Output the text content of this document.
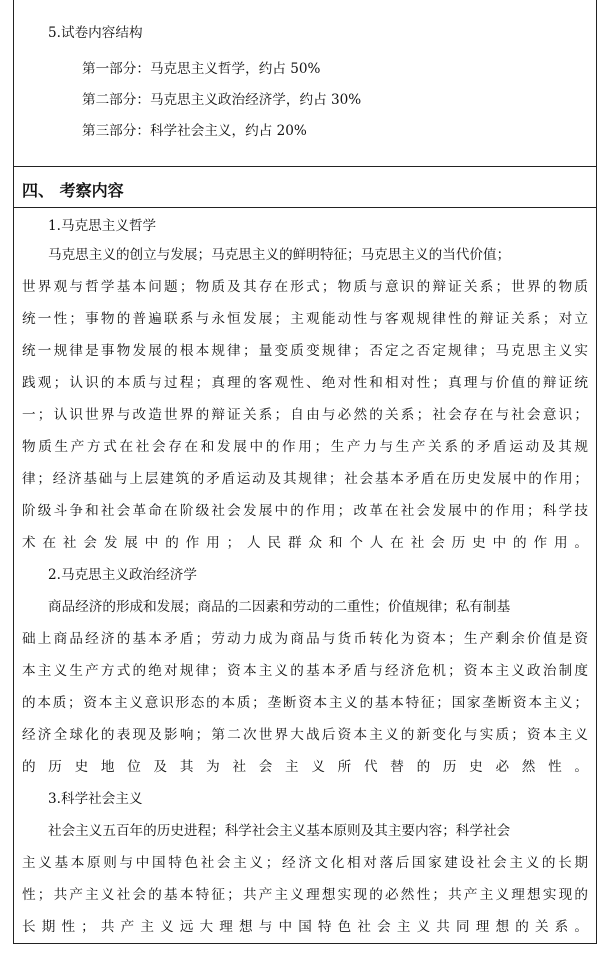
5.试卷内容结构
第一部分：马克思主义哲学，约占 50%
第二部分：马克思主义政治经济学，约占 30%
第三部分：科学社会主义，约占 20%
四、 考察内容
1.马克思主义哲学
马克思主义的创立与发展；马克思主义的鲜明特征；马克思主义的当代价值；
世界观与哲学基本问题；物质及其存在形式；物质与意识的辩证关系；世界的物质
统一性；事物的普遍联系与永恒发展；主观能动性与客观规律性的辩证关系；对立
统一规律是事物发展的根本规律；量变质变规律；否定之否定规律；马克思主义实
践观；认识的本质与过程；真理的客观性、绝对性和相对性；真理与价值的辩证统
一；认识世界与改造世界的辩证关系；自由与必然的关系；社会存在与社会意识；
物质生产方式在社会存在和发展中的作用；生产力与生产关系的矛盾运动及其规
律；经济基础与上层建筑的矛盾运动及其规律；社会基本矛盾在历史发展中的作用；
阶级斗争和社会革命在阶级社会发展中的作用；改革在社会发展中的作用；科学技
术在社会发展中的作用；人民群众和个人在社会历史中的作用。
2.马克思主义政治经济学
商品经济的形成和发展；商品的二因素和劳动的二重性；价值规律；私有制基
础上商品经济的基本矛盾；劳动力成为商品与货币转化为资本；生产剩余价值是资
本主义生产方式的绝对规律；资本主义的基本矛盾与经济危机；资本主义政治制度
的本质；资本主义意识形态的本质；垄断资本主义的基本特征；国家垄断资本主义；
经济全球化的表现及影响；第二次世界大战后资本主义的新变化与实质；资本主义
的历史地位及其为社会主义所代替的历史必然性。
3.科学社会主义
社会主义五百年的历史进程；科学社会主义基本原则及其主要内容；科学社会
主义基本原则与中国特色社会主义；经济文化相对落后国家建设社会主义的长期
性；共产主义社会的基本特征；共产主义理想实现的必然性；共产主义理想实现的
长期性；共产主义远大理想与中国特色社会主义共同理想的关系。
